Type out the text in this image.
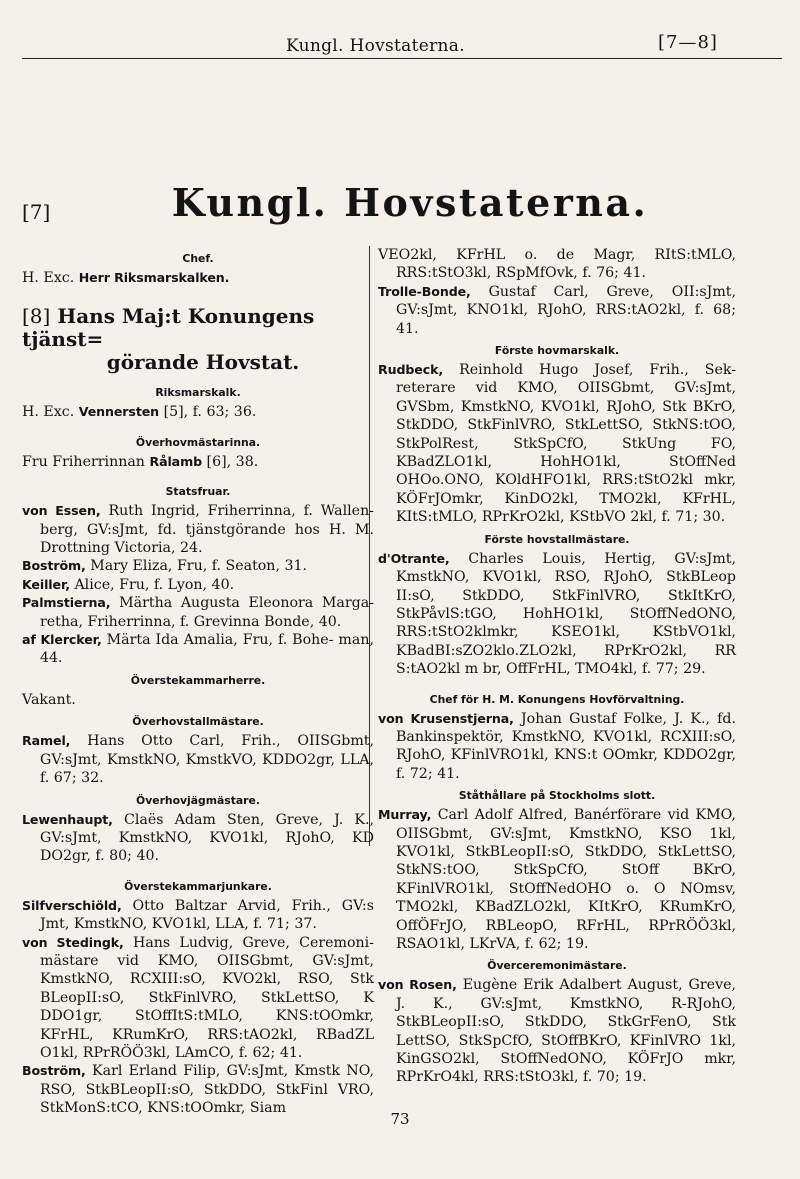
Kungl. Hovstaterna.	[7—8]
[7]	Kungl. Hovstaterna.
Chef.

H. Exc. Herr Riksmarskalken.

[8] Hans Maj:t Konungens tjänst=
görande Hovstat.
Riksmarskalk.

H. Exc. Vennersten [5], f. 63; 36.

Överhovmästarinna.

Fru Friherrinnan Rålamb [6], 38.

Statsfruar.

von Essen, Ruth Ingrid, Friherrinna, f. Wallen- berg, GV:sJmt, fd. tjänstgörande hos H. M. Drottning Victoria, 24.

Boström, Mary Eliza, Fru, f. Seaton, 31.

Keiller, Alice, Fru, f. Lyon, 40.

Palmstierna, Märtha Augusta Eleonora Marga- retha, Friherrinna, f. Grevinna Bonde, 40.

af Klercker, Märta Ida Amalia, Fru, f. Bohe- man, 44.

Överstekammarherre.

Vakant.

Överhovstallmästare.

Ramel, Hans Otto Carl, Frih., OIISGbmt, GV:sJmt, KmstkNO, KmstkVO, KDDO2gr, LLA, f. 67; 32.

Överhovjägmästare.

Lewenhaupt, Claës Adam Sten, Greve, J. K., GV:sJmt, KmstkNO, KVO1kl, RJohO, KD DO2gr, f. 80; 40.

Överstekammarjunkare.

Silfverschiöld, Otto Baltzar Arvid, Frih., GV:s Jmt, KmstkNO, KVO1kl, LLA, f. 71; 37.

von Stedingk, Hans Ludvig, Greve, Ceremoni- mästare vid KMO, OIISGbmt, GV:sJmt, KmstkNO, RCXIII:sO, KVO2kl, RSO, Stk BLeopII:sO, StkFinlVRO, StkLettSO, K DDO1gr, StOffItS:tMLO, KNS:tOOmkr, KFrHL, KRumKrO, RRS:tAO2kl, RBadZL O1kl, RPrRÖÖ3kl, LAmCO, f. 62; 41.

Boström, Karl Erland Filip, GV:sJmt, Kmstk NO, RSO, StkBLeopII:sO, StkDDO, StkFinl VRO, StkMonS:tCO, KNS:tOOmkr, Siam

VEO2kl, KFrHL o. de Magr, RItS:tMLO, RRS:tStO3kl, RSpMfOvk, f. 76; 41.

Trolle-Bonde, Gustaf Carl, Greve, OII:sJmt, GV:sJmt, KNO1kl, RJohO, RRS:tAO2kl, f. 68; 41.

Förste hovmarskalk.

Rudbeck, Reinhold Hugo Josef, Frih., Sek- reterare vid KMO, OIISGbmt, GV:sJmt, GVSbm, KmstkNO, KVO1kl, RJohO, Stk BKrO, StkDDO, StkFinlVRO, StkLettSO, StkNS:tOO, StkPolRest, StkSpCfO, StkUng FO, KBadZLO1kl, HohHO1kl, StOffNed OHOo.ONO, KOldHFO1kl, RRS:tStO2kl mkr, KÖFrJOmkr, KinDO2kl, TMO2kl, KFrHL, KItS:tMLO, RPrKrO2kl, KStbVO 2kl, f. 71; 30.

Förste hovstallmästare.

d'Otrante, Charles Louis, Hertig, GV:sJmt, KmstkNO, KVO1kl, RSO, RJohO, StkBLeop II:sO, StkDDO, StkFinlVRO, StkItKrO, StkPåvlS:tGO, HohHO1kl, StOffNedONO, RRS:tStO2klmkr, KSEO1kl, KStbVO1kl, KBadBI:sZO2klo.ZLO2kl, RPrKrO2kl, RR S:tAO2kl m br, OffFrHL, TMO4kl, f. 77; 29.

Chef för H. M. Konungens Hovförvaltning.

von Krusenstjerna, Johan Gustaf Folke, J. K., fd. Bankinspektör, KmstkNO, KVO1kl, RCXIII:sO, RJohO, KFinlVRO1kl, KNS:t OOmkr, KDDO2gr, f. 72; 41.

Ståthållare på Stockholms slott.

Murray, Carl Adolf Alfred, Banérförare vid KMO, OIISGbmt, GV:sJmt, KmstkNO, KSO 1kl, KVO1kl, StkBLeopII:sO, StkDDO, StkLettSO, StkNS:tOO, StkSpCfO, StOff BKrO, KFinlVRO1kl, StOffNedOHO o. O NOmsv, TMO2kl, KBadZLO2kl, KItKrO, KRumKrO, OffÖFrJO, RBLeopO, RFrHL, RPrRÖÖ3kl, RSAO1kl, LKrVA, f. 62; 19.

Överceremonimästare.

von Rosen, Eugène Erik Adalbert August, Greve, J. K., GV:sJmt, KmstkNO, R-RJohO, StkBLeopII:sO, StkDDO, StkGrFenO, Stk LettSO, StkSpCfO, StOffBKrO, KFinlVRO 1kl, KinGSO2kl, StOffNedONO, KÖFrJO mkr, RPrKrO4kl, RRS:tStO3kl, f. 70; 19.

73
